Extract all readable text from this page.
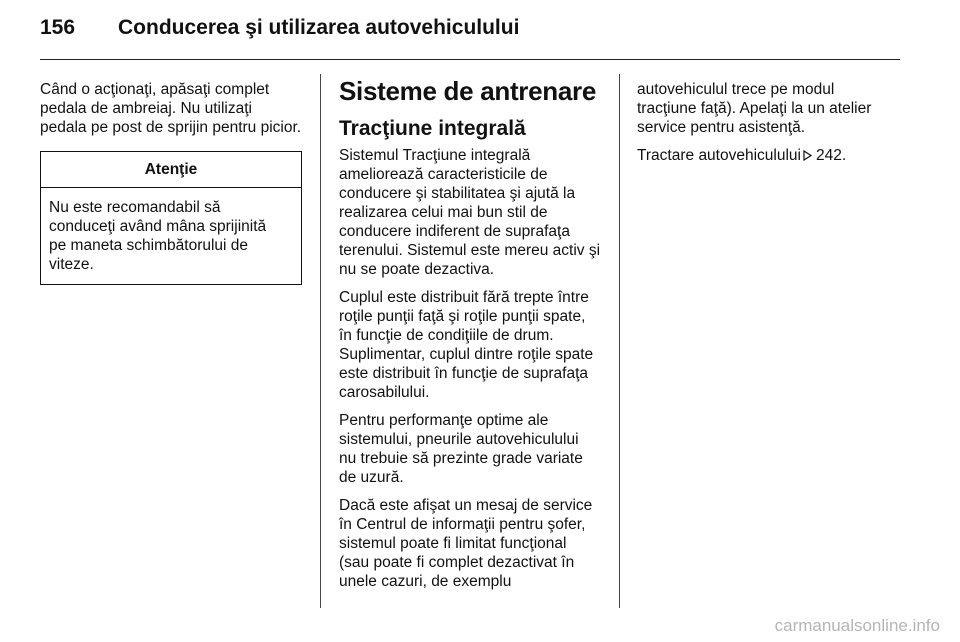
156 Conducerea şi utilizarea autovehiculului

Când o acţionaţi, apăsaţi complet
pedala de ambreiaj. Nu utilizaţi
pedala pe post de sprijin pentru picior.

Atenţie
Nu este recomandabil să
conduceţi având mâna sprijinită
pe maneta schimbătorului de
viteze.
Sisteme de antrenare
Tracţiune integrală

Sistemul Tracţiune integrală
ameliorează caracteristicile de
conducere şi stabilitatea şi ajută la
realizarea celui mai bun stil de
conducere indiferent de suprafaţa
terenului. Sistemul este mereu activ şi
nu se poate dezactiva.

Cuplul este distribuit fără trepte între
roţile punţii faţă şi roţile punţii spate,
în funcţie de condiţiile de drum.
Suplimentar, cuplul dintre roţile spate
este distribuit în funcţie de suprafaţa
carosabilului.

Pentru performanţe optime ale
sistemului, pneurile autovehiculului
nu trebuie să prezinte grade variate
de uzură.

Dacă este afişat un mesaj de service
în Centrul de informaţii pentru şofer,
sistemul poate fi limitat funcţional
(sau poate fi complet dezactivat în
unele cazuri, de exemplu

autovehiculul trece pe modul
tracţiune faţă). Apelaţi la un atelier
service pentru asistenţă.

Tractare autovehiculului 242.

carmanualsonline.info
